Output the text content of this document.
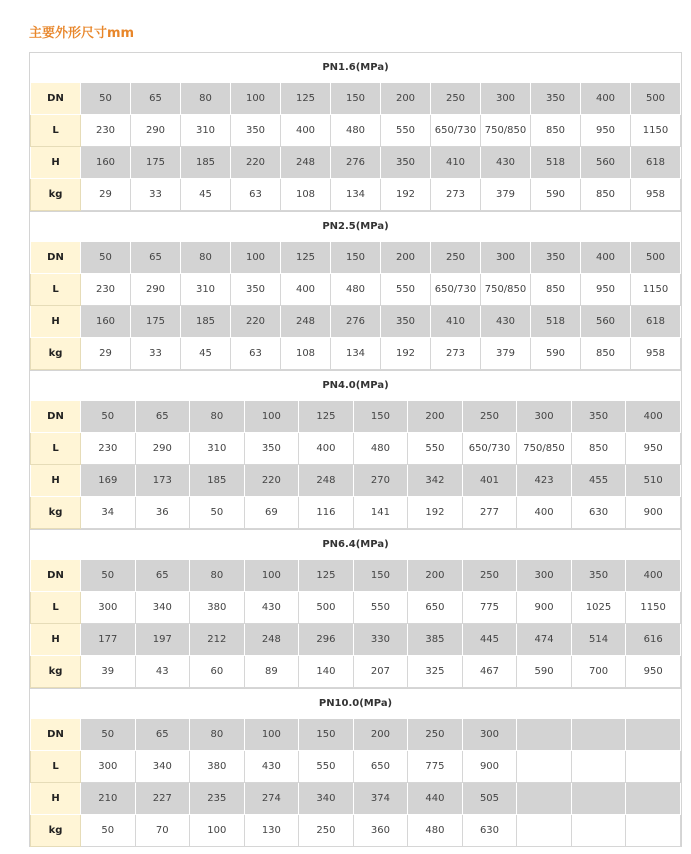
主要外形尺寸mm
PN1.6(MPa)
DN	50	65	80	100	125	150	200	250	300	350	400	500
L	230	290	310	350	400	480	550	650/730	750/850	850	950	1150
H	160	175	185	220	248	276	350	410	430	518	560	618
kg	29	33	45	63	108	134	192	273	379	590	850	958
PN2.5(MPa)
DN	50	65	80	100	125	150	200	250	300	350	400	500
L	230	290	310	350	400	480	550	650/730	750/850	850	950	1150
H	160	175	185	220	248	276	350	410	430	518	560	618
kg	29	33	45	63	108	134	192	273	379	590	850	958
PN4.0(MPa)
DN	50	65	80	100	125	150	200	250	300	350	400
L	230	290	310	350	400	480	550	650/730	750/850	850	950
H	169	173	185	220	248	270	342	401	423	455	510
kg	34	36	50	69	116	141	192	277	400	630	900
PN6.4(MPa)
DN	50	65	80	100	125	150	200	250	300	350	400
L	300	340	380	430	500	550	650	775	900	1025	1150
H	177	197	212	248	296	330	385	445	474	514	616
kg	39	43	60	89	140	207	325	467	590	700	950
PN10.0(MPa)
DN	50	65	80	100	150	200	250	300			
L	300	340	380	430	550	650	775	900			
H	210	227	235	274	340	374	440	505			
kg	50	70	100	130	250	360	480	630			
